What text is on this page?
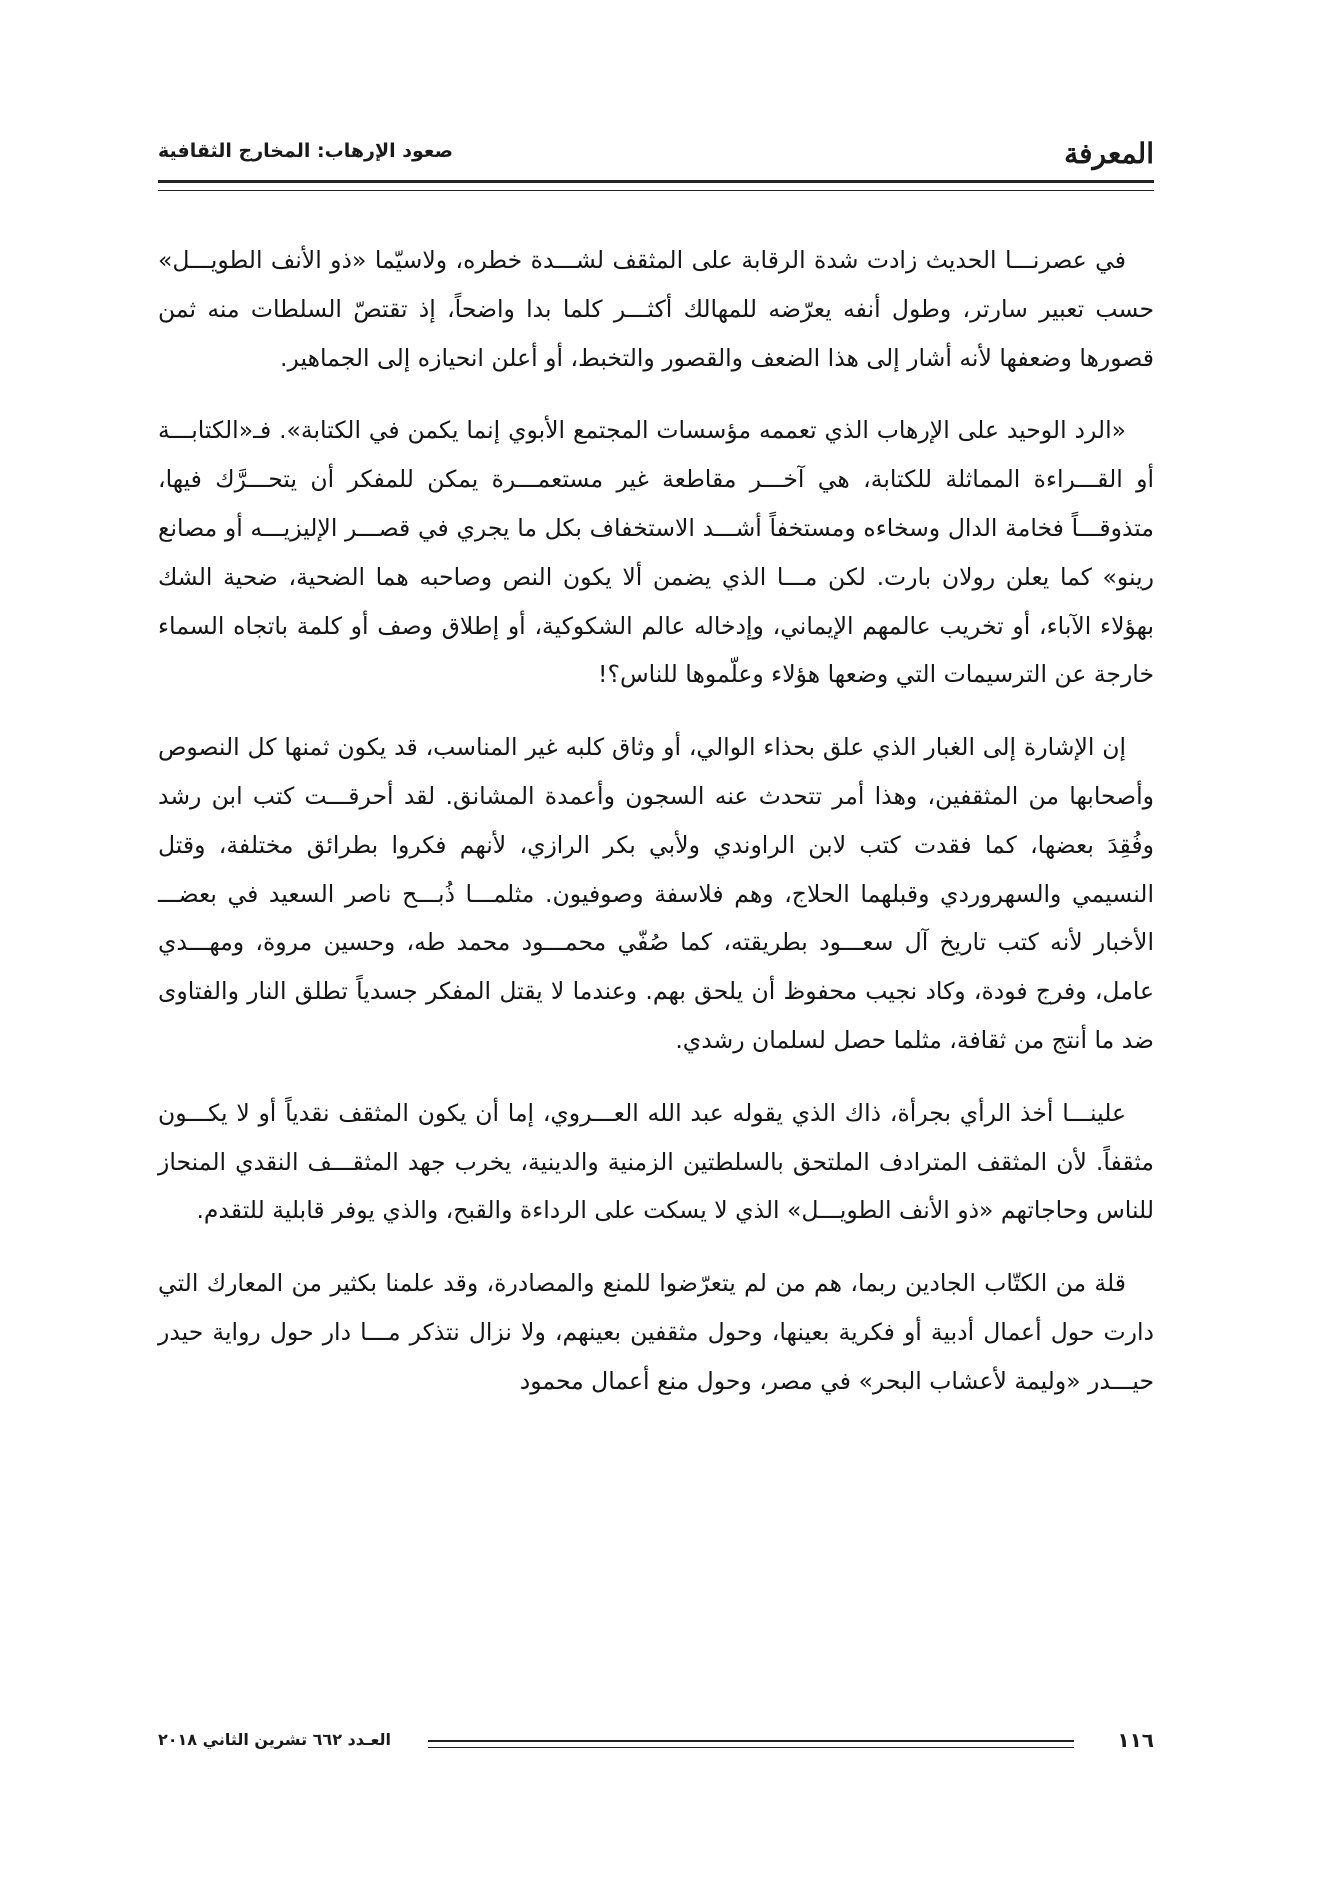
المعرفة
صعود الإرهاب: المخارج الثقافية

في عصرنـــا الحديث زادت شدة الرقابة على المثقف لشـــدة خطره، ولاسيّما «ذو الأنف الطويـــل» حسب تعبير سارتر، وطول أنفه يعرّضه للمهالك أكثـــر كلما بدا واضحاً، إذ تقتصّ السلطات منه ثمن قصورها وضعفها لأنه أشار إلى هذا الضعف والقصور والتخبط، أو أعلن انحيازه إلى الجماهير.

«الرد الوحيد على الإرهاب الذي تعممه مؤسسات المجتمع الأبوي إنما يكمن في الكتابة». فـ«الكتابـــة أو القـــراءة المماثلة للكتابة، هي آخـــر مقاطعة غير مستعمـــرة يمكن للمفكر أن يتحـــرَّك فيها، متذوقـــاً فخامة الدال وسخاءه ومستخفاً أشـــد الاستخفاف بكل ما يجري في قصـــر الإليزيـــه أو مصانع رينو» كما يعلن رولان بارت. لكن مـــا الذي يضمن ألا يكون النص وصاحبه هما الضحية، ضحية الشك بهؤلاء الآباء، أو تخريب عالمهم الإيماني، وإدخاله عالم الشكوكية، أو إطلاق وصف أو كلمة باتجاه السماء خارجة عن الترسيمات التي وضعها هؤلاء وعلّموها للناس؟!

إن الإشارة إلى الغبار الذي علق بحذاء الوالي، أو وثاق كلبه غير المناسب، قد يكون ثمنها كل النصوص وأصحابها من المثقفين، وهذا أمر تتحدث عنه السجون وأعمدة المشانق. لقد أحرقـــت كتب ابن رشد وفُقِدَ بعضها، كما فقدت كتب لابن الراوندي ولأبي بكر الرازي، لأنهم فكروا بطرائق مختلفة، وقتل النسيمي والسهروردي وقبلهما الحلاج، وهم فلاسفة وصوفيون. مثلمـــا ذُبـــح ناصر السعيد في بعضـــ الأخبار لأنه كتب تاريخ آل سعـــود بطريقته، كما صُفّي محمـــود محمد طه، وحسين مروة، ومهـــدي عامل، وفرج فودة، وكاد نجيب محفوظ أن يلحق بهم. وعندما لا يقتل المفكر جسدياً تطلق النار والفتاوى ضد ما أنتج من ثقافة، مثلما حصل لسلمان رشدي.

علينـــا أخذ الرأي بجرأة، ذاك الذي يقوله عبد الله العـــروي، إما أن يكون المثقف نقدياً أو لا يكـــون مثقفاً. لأن المثقف المترادف الملتحق بالسلطتين الزمنية والدينية، يخرب جهد المثقـــف النقدي المنحاز للناس وحاجاتهم «ذو الأنف الطويـــل» الذي لا يسكت على الرداءة والقبح، والذي يوفر قابلية للتقدم.

قلة من الكتّاب الجادين ربما، هم من لم يتعرّضوا للمنع والمصادرة، وقد علمنا بكثير من المعارك التي دارت حول أعمال أدبية أو فكرية بعينها، وحول مثقفين بعينهم، ولا نزال نتذكر مـــا دار حول رواية حيدر حيـــدر «وليمة لأعشاب البحر» في مصر، وحول منع أعمال محمود

١١٦
العـدد ٦٦٢ تشرين الثاني ٢٠١٨
